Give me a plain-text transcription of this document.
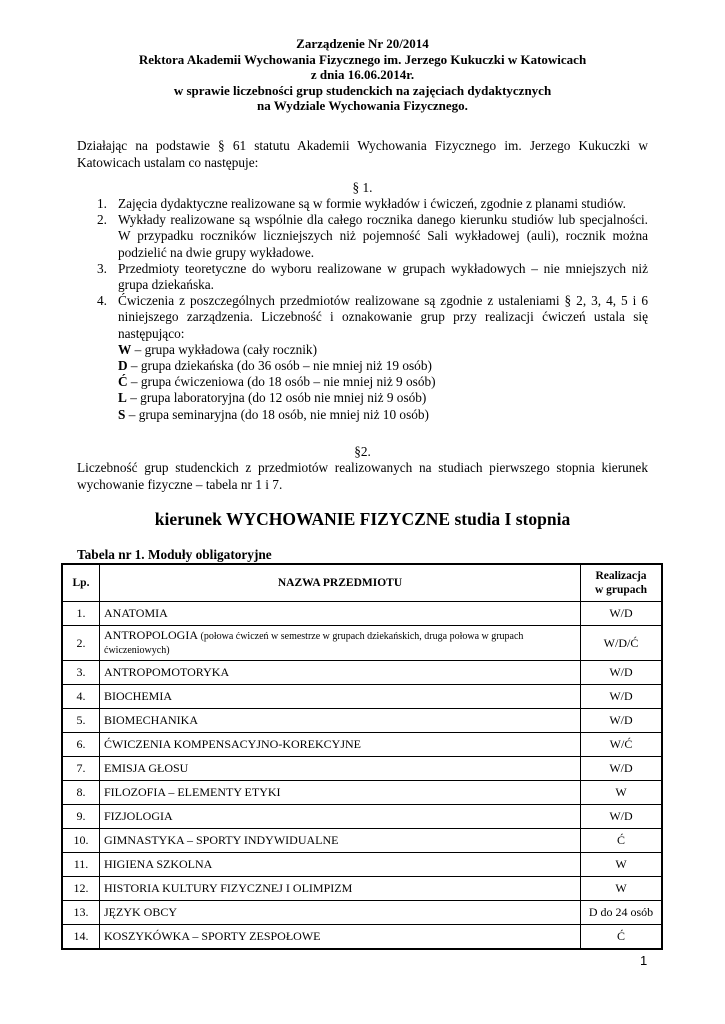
Zarządzenie Nr 20/2014
Rektora Akademii Wychowania Fizycznego im. Jerzego Kukuczki w Katowicach
z dnia 16.06.2014r.
w sprawie liczebności grup studenckich na zajęciach dydaktycznych
na Wydziale Wychowania Fizycznego.
Działając na podstawie § 61 statutu Akademii Wychowania Fizycznego im. Jerzego Kukuczki w Katowicach ustalam co następuje:
§ 1.
1. Zajęcia dydaktyczne realizowane są w formie wykładów i ćwiczeń, zgodnie z planami studiów.
2. Wykłady realizowane są wspólnie dla całego rocznika danego kierunku studiów lub specjalności. W przypadku roczników liczniejszych niż pojemność Sali wykładowej (auli), rocznik można podzielić na dwie grupy wykładowe.
3. Przedmioty teoretyczne do wyboru realizowane w grupach wykładowych – nie mniejszych niż grupa dziekańska.
4. Ćwiczenia z poszczególnych przedmiotów realizowane są zgodnie z ustaleniami § 2, 3, 4, 5 i 6 niniejszego zarządzenia. Liczebność i oznakowanie grup przy realizacji ćwiczeń ustala się następująco:
W – grupa wykładowa (cały rocznik)
D – grupa dziekańska (do 36 osób – nie mniej niż 19 osób)
Ć – grupa ćwiczeniowa (do 18 osób – nie mniej niż 9 osób)
L – grupa laboratoryjna (do 12 osób nie mniej niż 9 osób)
S – grupa seminaryjna (do 18 osób, nie mniej niż 10 osób)
§2.
Liczebność grup studenckich z przedmiotów realizowanych na studiach pierwszego stopnia kierunek wychowanie fizyczne – tabela nr 1 i 7.
kierunek WYCHOWANIE FIZYCZNE studia I stopnia
Tabela nr 1. Moduły obligatoryjne
Lp.	NAZWA PRZEDMIOTU	Realizacja
w grupach

1.	ANATOMIA	W/D
2.	ANTROPOLOGIA (połowa ćwiczeń w semestrze w grupach dziekańskich, druga połowa w grupach ćwiczeniowych)	W/D/Ć
3.	ANTROPOMOTORYKA	W/D
4.	BIOCHEMIA	W/D
5.	BIOMECHANIKA	W/D
6.	ĆWICZENIA KOMPENSACYJNO-KOREKCYJNE	W/Ć
7.	EMISJA GŁOSU	W/D
8.	FILOZOFIA – ELEMENTY ETYKI	W
9.	FIZJOLOGIA	W/D
10.	GIMNASTYKA – SPORTY INDYWIDUALNE	Ć
11.	HIGIENA SZKOLNA	W
12.	HISTORIA KULTURY FIZYCZNEJ I OLIMPIZM	W
13.	JĘZYK OBCY	D do 24 osób
14.	KOSZYKÓWKA – SPORTY ZESPOŁOWE	Ć
1
